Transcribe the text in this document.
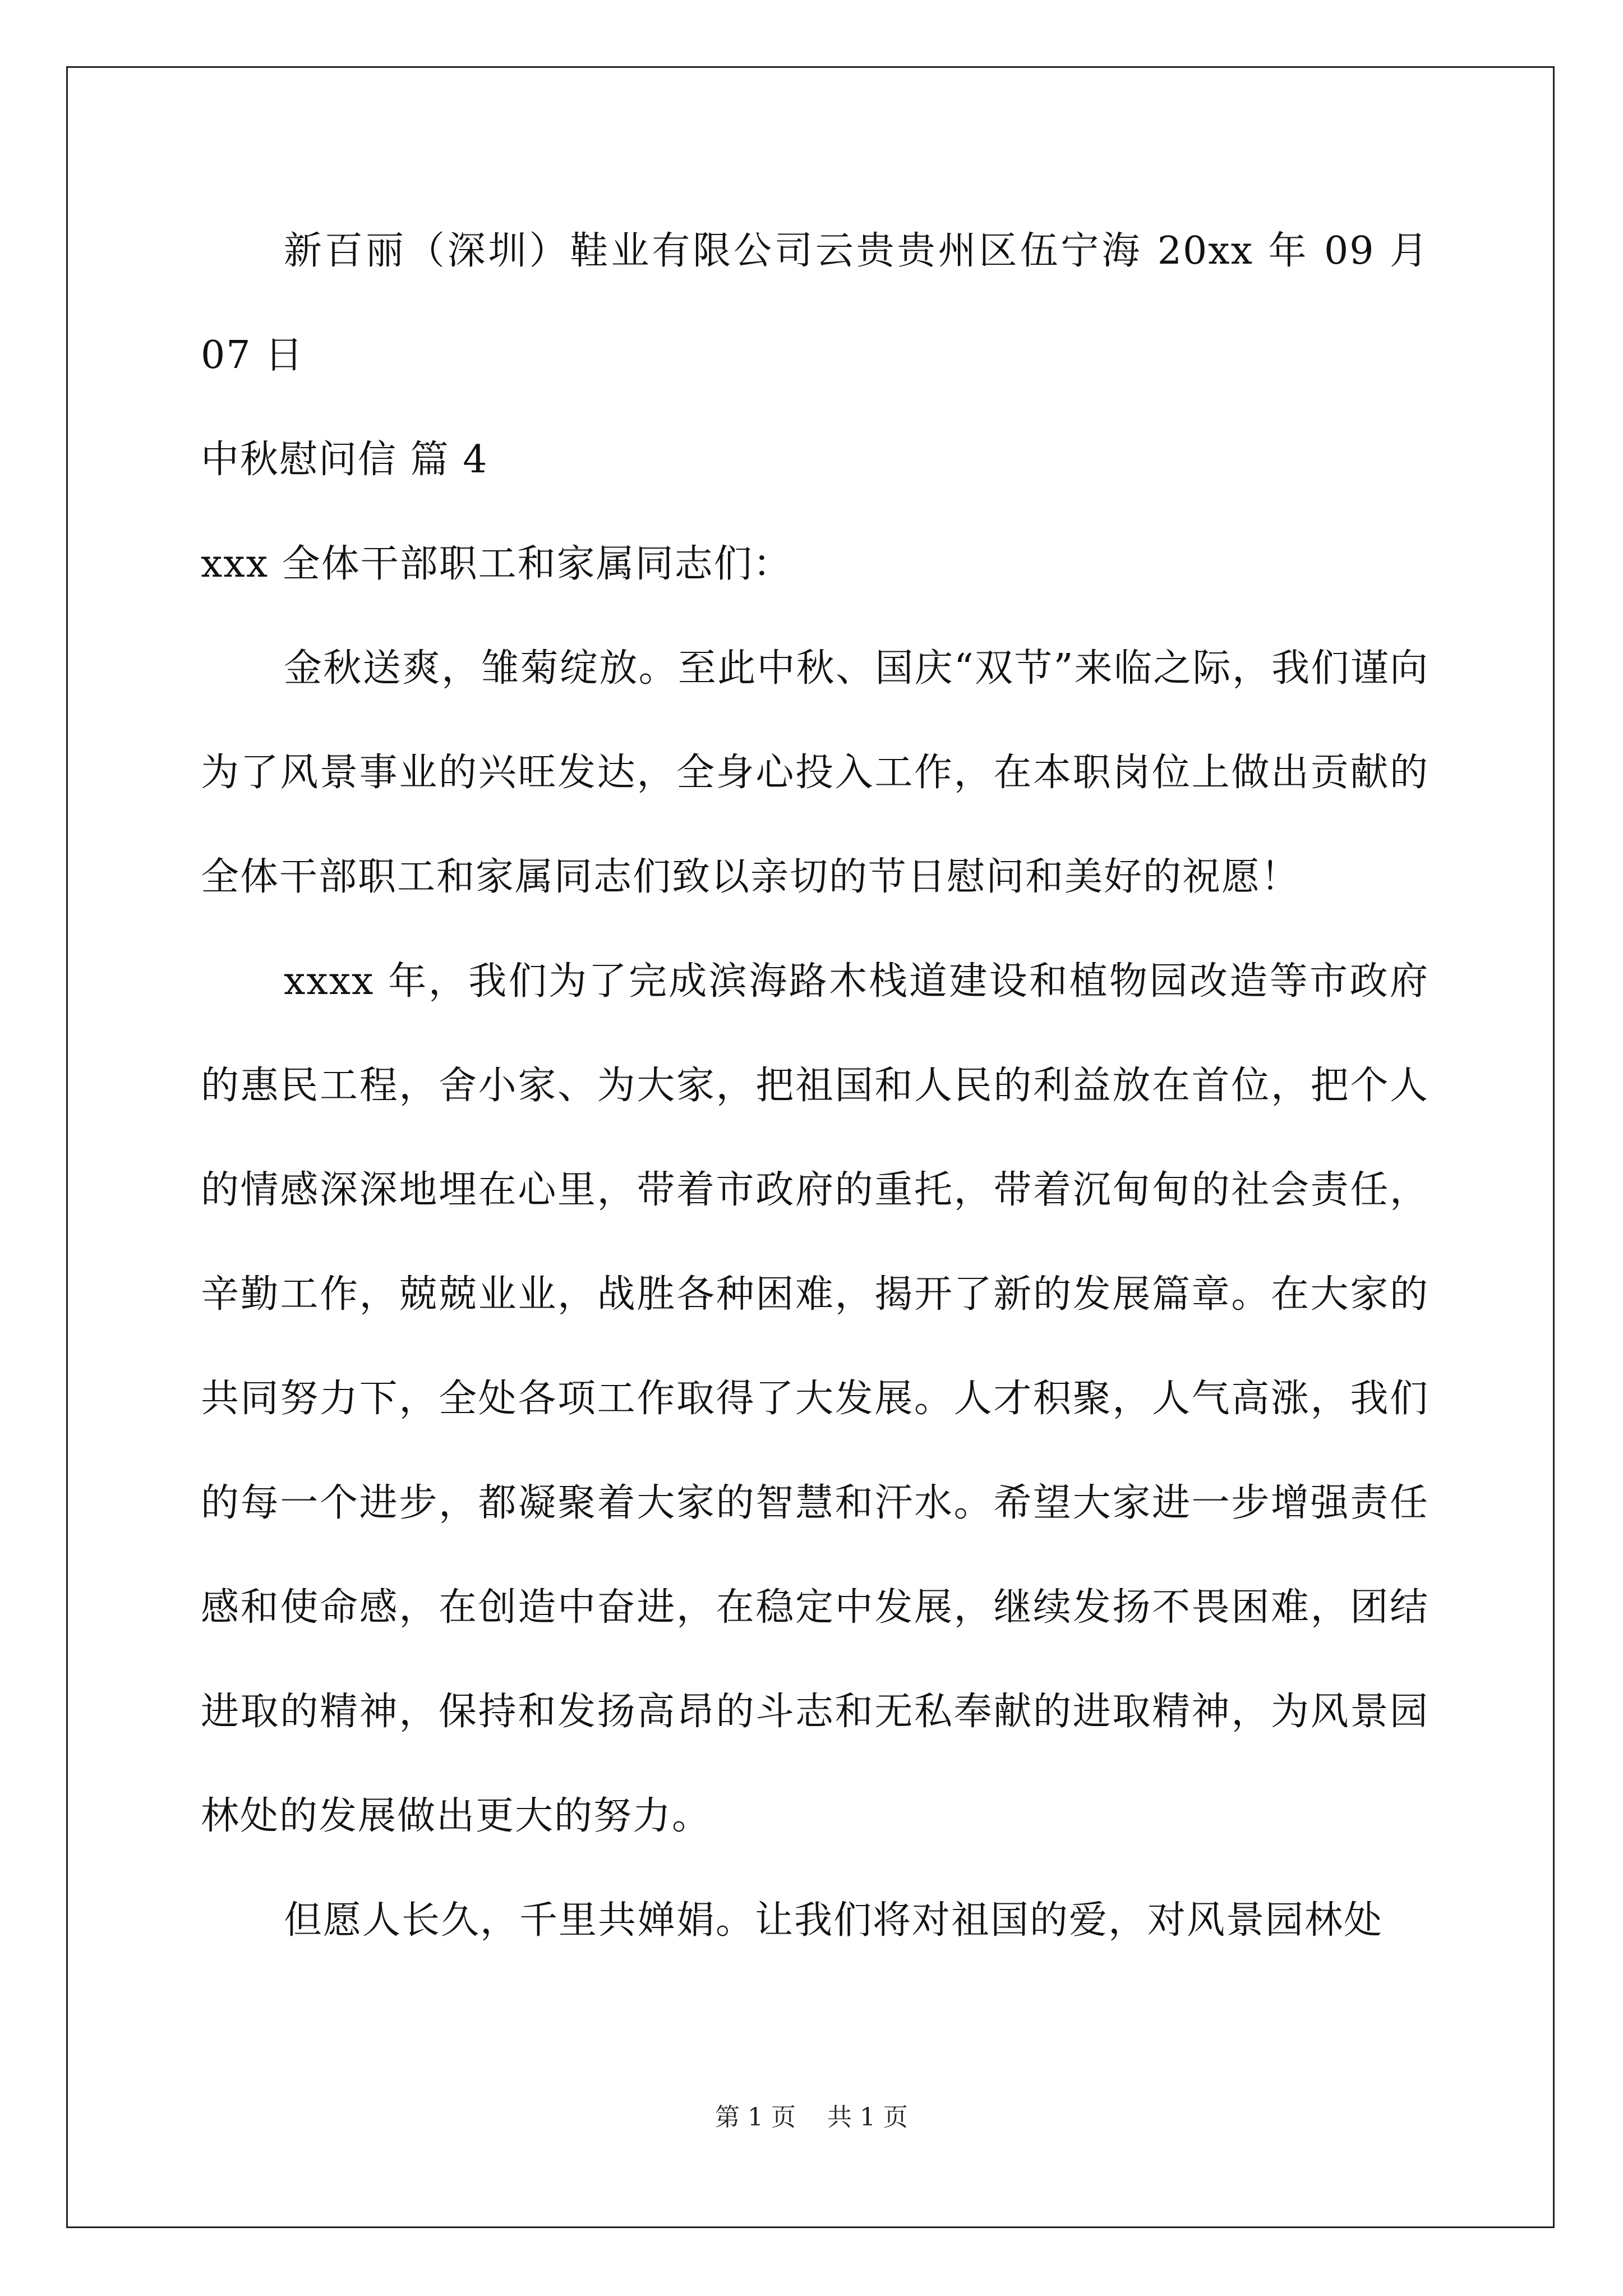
新百丽（深圳）鞋业有限公司云贵贵州区伍宁海 20xx 年 09 月 07 日

中秋慰问信 篇 4

xxx 全体干部职工和家属同志们：

金秋送爽，雏菊绽放。至此中秋、国庆“双节”来临之际，我们谨向为了风景事业的兴旺发达，全身心投入工作，在本职岗位上做出贡献的全体干部职工和家属同志们致以亲切的节日慰问和美好的祝愿！

xxxx 年，我们为了完成滨海路木栈道建设和植物园改造等市政府的惠民工程，舍小家、为大家，把祖国和人民的利益放在首位，把个人的情感深深地埋在心里，带着市政府的重托，带着沉甸甸的社会责任，辛勤工作，兢兢业业，战胜各种困难，揭开了新的发展篇章。在大家的共同努力下，全处各项工作取得了大发展。人才积聚，人气高涨，我们的每一个进步，都凝聚着大家的智慧和汗水。希望大家进一步增强责任感和使命感，在创造中奋进，在稳定中发展，继续发扬不畏困难，团结进取的精神，保持和发扬高昂的斗志和无私奉献的进取精神，为风景园林处的发展做出更大的努力。

但愿人长久，千里共婵娟。让我们将对祖国的爱，对风景园林处

第 1 页 共 1 页
